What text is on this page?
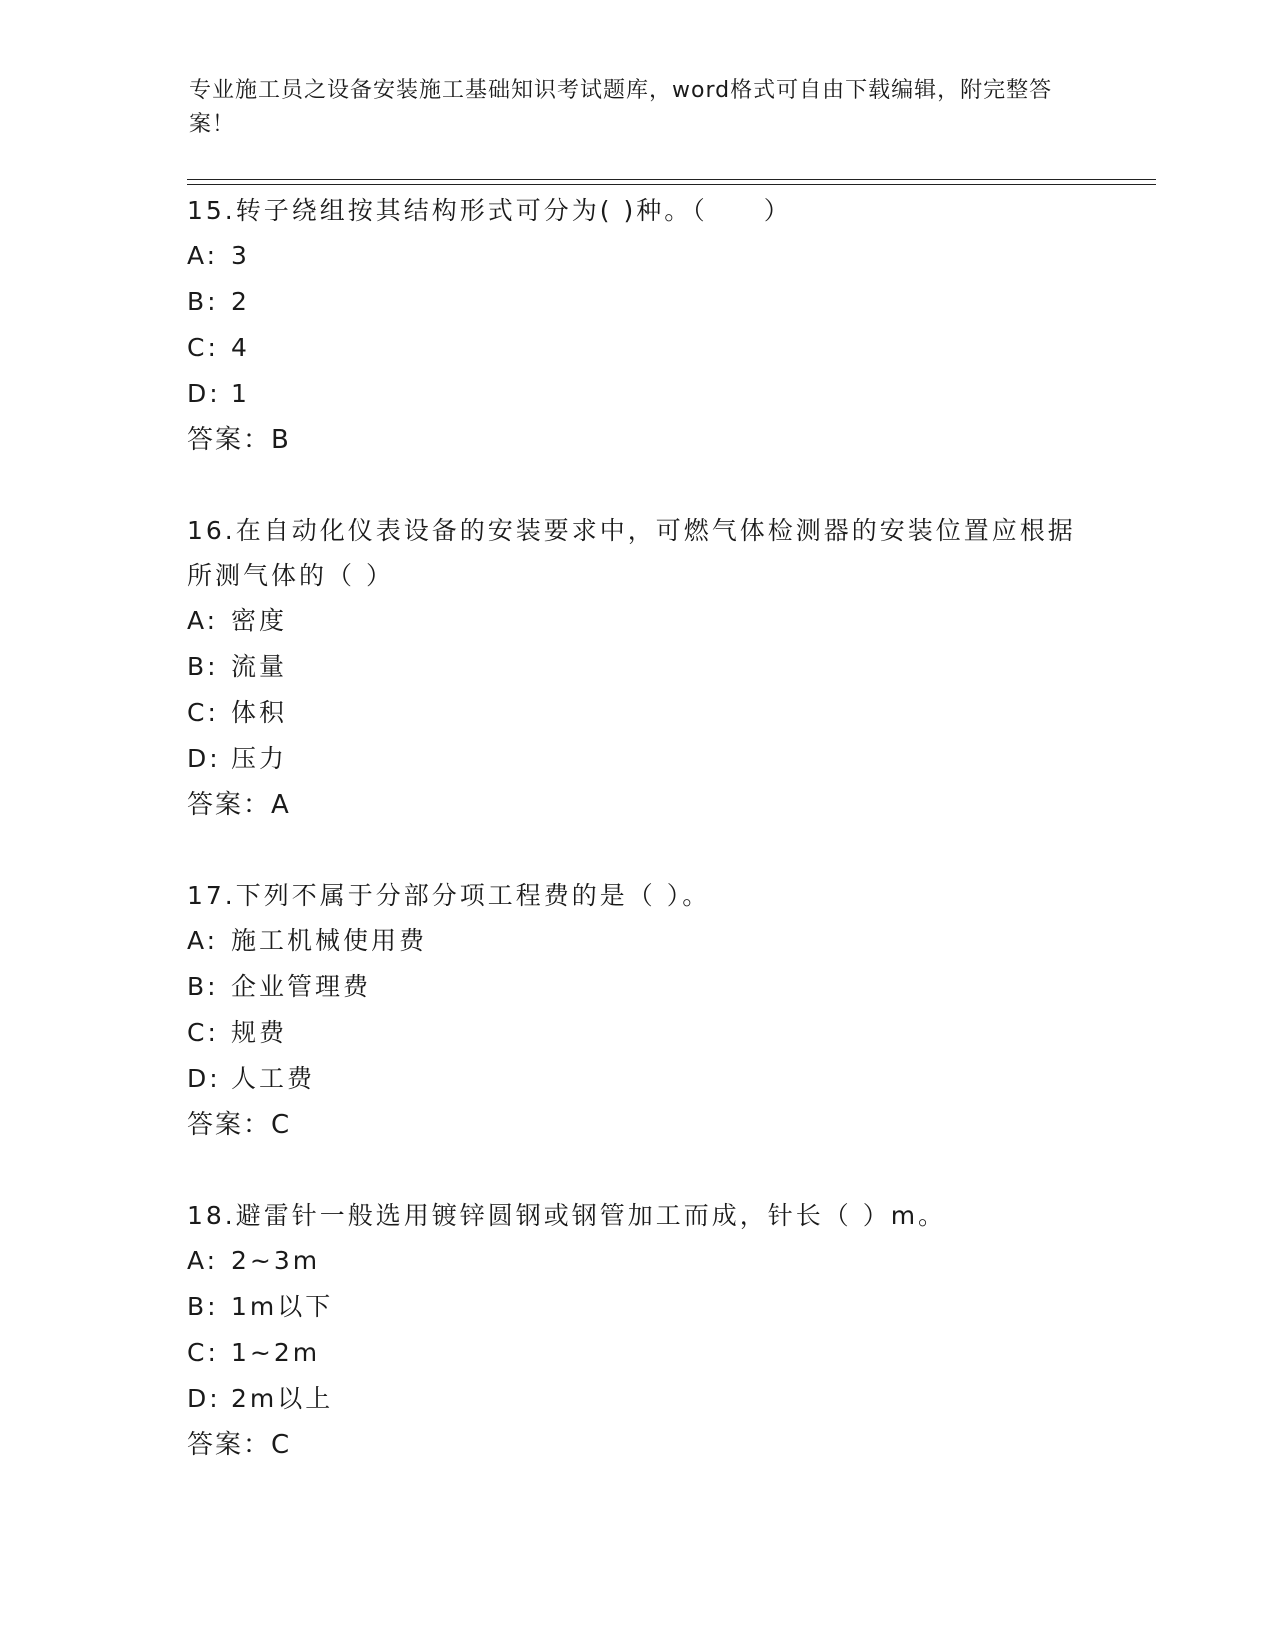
专业施工员之设备安装施工基础知识考试题库，word格式可自由下载编辑，附完整答案！

15.转子绕组按其结构形式可分为( )种。（　　）

A: 3

B: 2

C: 4

D: 1

答案：B

16.在自动化仪表设备的安装要求中，可燃气体检测器的安装位置应根据所测气体的（ ）

A: 密度

B: 流量

C: 体积

D: 压力

答案：A

17.下列不属于分部分项工程费的是（ ）。

A: 施工机械使用费

B: 企业管理费

C: 规费

D: 人工费

答案：C

18.避雷针一般选用镀锌圆钢或钢管加工而成，针长（ ）m。

A: 2~3m

B: 1m以下

C: 1~2m

D: 2m以上

答案：C
